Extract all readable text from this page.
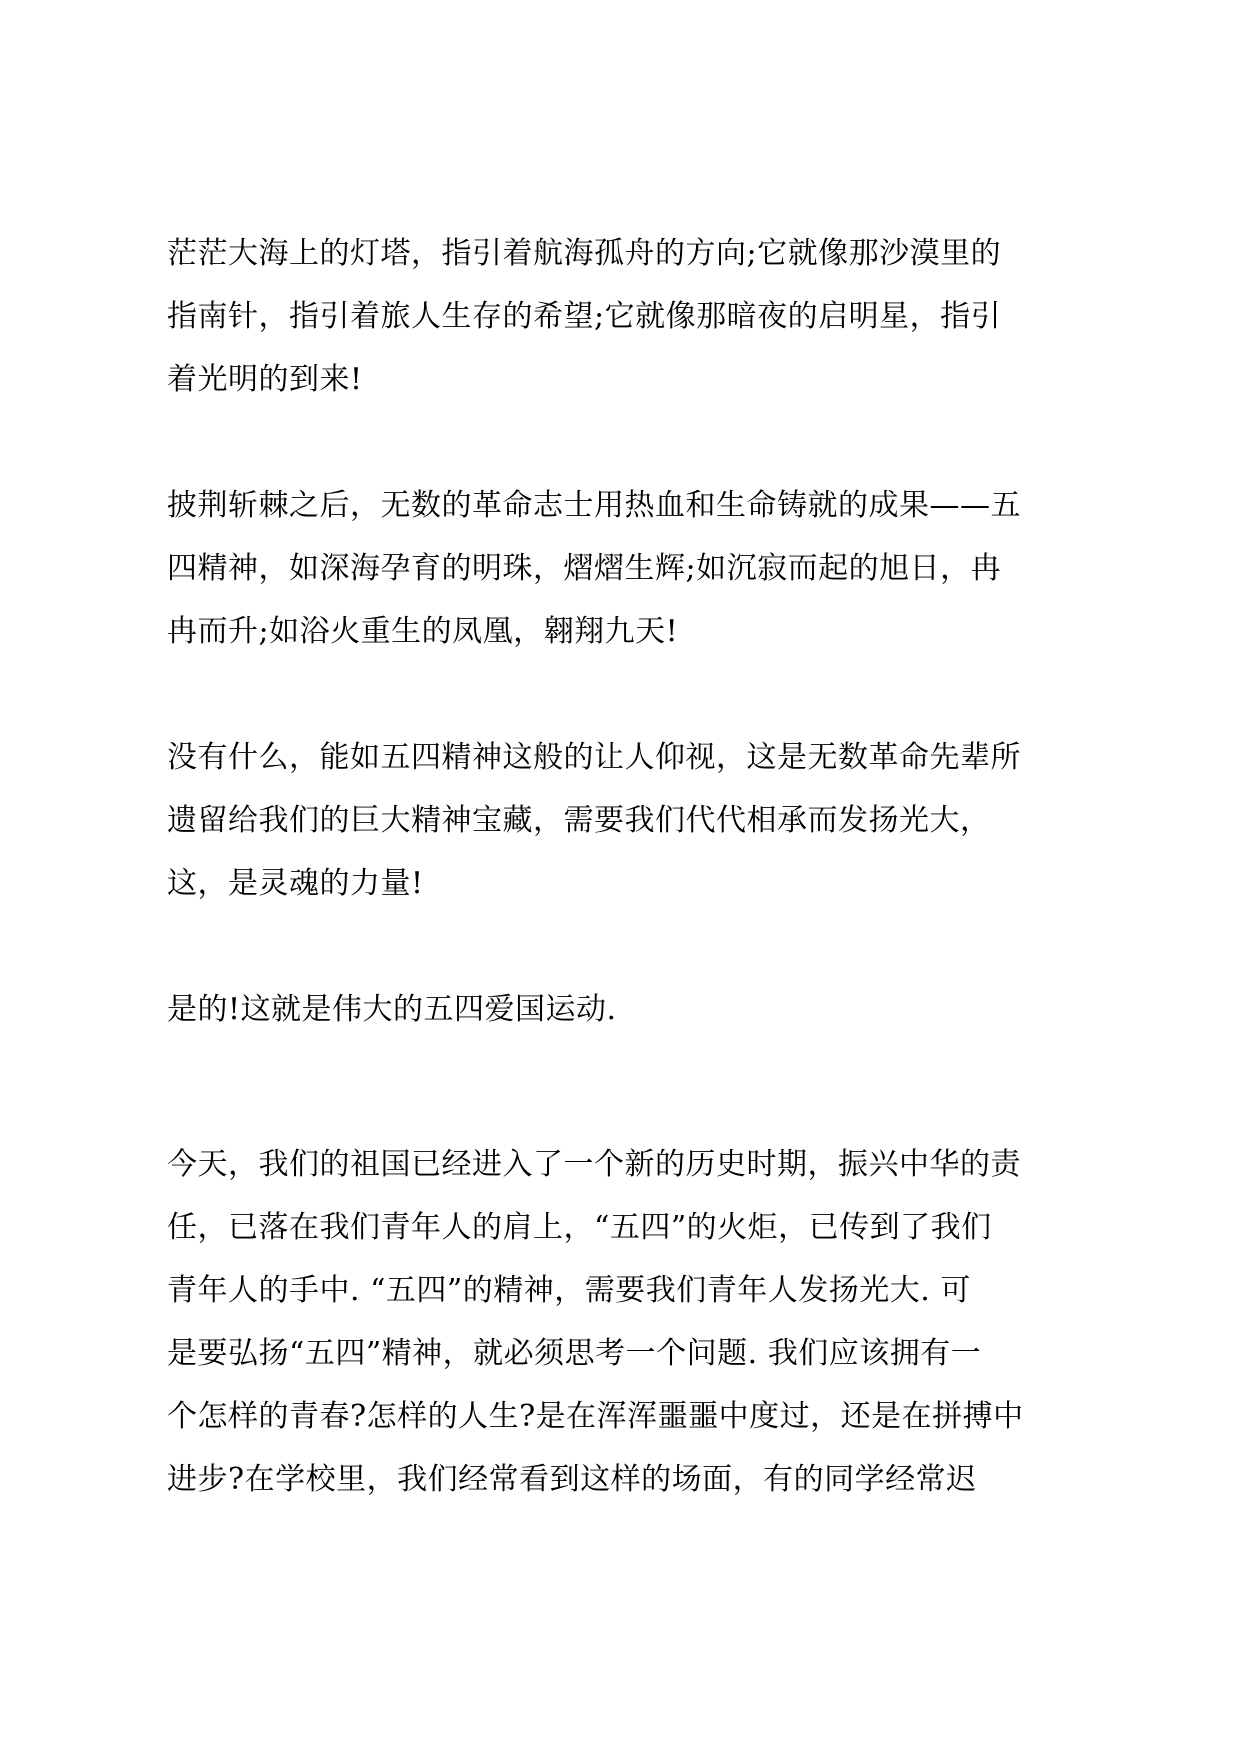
茫茫大海上的灯塔，指引着航海孤舟的方向;它就像那沙漠里的
指南针，指引着旅人生存的希望;它就像那暗夜的启明星，指引
着光明的到来!
披荆斩棘之后，无数的革命志士用热血和生命铸就的成果——五
四精神，如深海孕育的明珠，熠熠生辉;如沉寂而起的旭日，冉
冉而升;如浴火重生的凤凰，翱翔九天!
没有什么，能如五四精神这般的让人仰视，这是无数革命先辈所
遗留给我们的巨大精神宝藏，需要我们代代相承而发扬光大，
这，是灵魂的力量!
是的!这就是伟大的五四爱国运动.
今天，我们的祖国已经进入了一个新的历史时期，振兴中华的责
任，已落在我们青年人的肩上，“五四”的火炬，已传到了我们
青年人的手中. “五四”的精神，需要我们青年人发扬光大. 可
是要弘扬“五四”精神，就必须思考一个问题. 我们应该拥有一
个怎样的青春?怎样的人生?是在浑浑噩噩中度过，还是在拼搏中
进步?在学校里，我们经常看到这样的场面，有的同学经常迟
